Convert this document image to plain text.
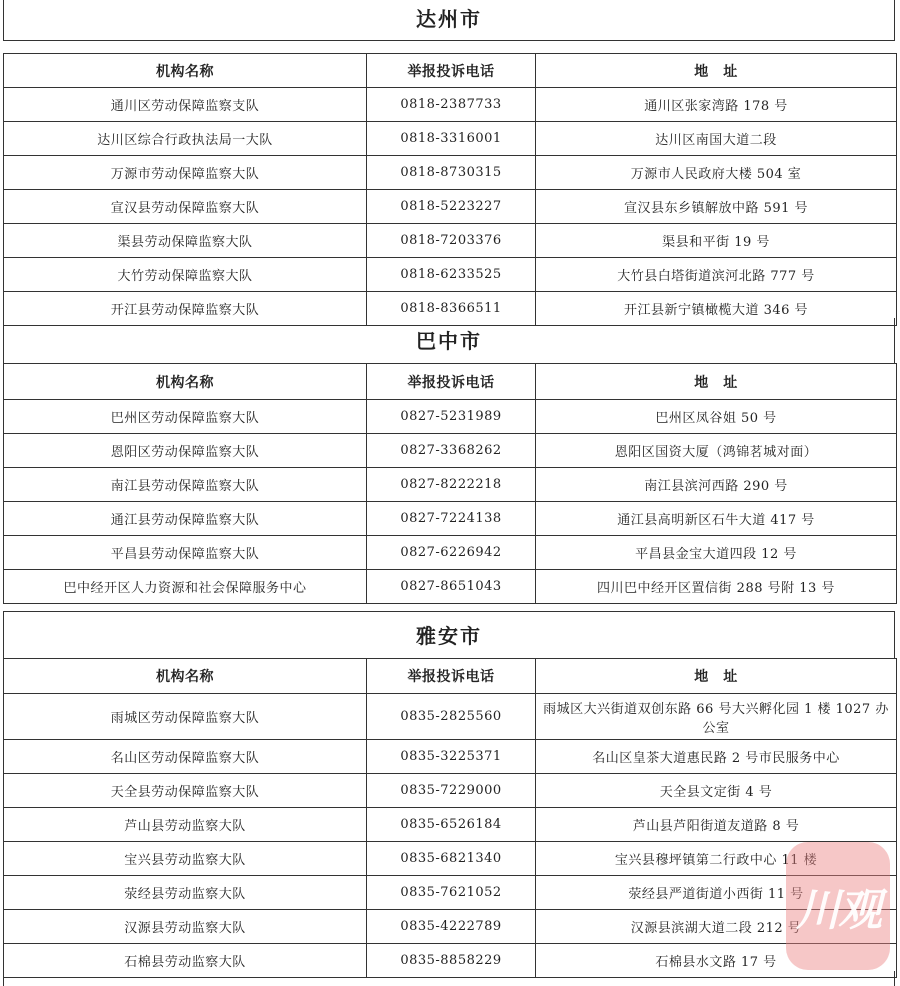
达州市
机构名称	举报投诉电话	地　址
通川区劳动保障监察支队	0818-2387733	通川区张家湾路 178 号
达川区综合行政执法局一大队	0818-3316001	达川区南国大道二段
万源市劳动保障监察大队	0818-8730315	万源市人民政府大楼 504 室
宣汉县劳动保障监察大队	0818-5223227	宣汉县东乡镇解放中路 591 号
渠县劳动保障监察大队	0818-7203376	渠县和平街 19 号
大竹劳动保障监察大队	0818-6233525	大竹县白塔街道滨河北路 777 号
开江县劳动保障监察大队	0818-8366511	开江县新宁镇橄榄大道 346 号
巴中市
机构名称	举报投诉电话	地　址
巴州区劳动保障监察大队	0827-5231989	巴州区凤谷姐 50 号
恩阳区劳动保障监察大队	0827-3368262	恩阳区国资大厦（鸿锦茗城对面）
南江县劳动保障监察大队	0827-8222218	南江县滨河西路 290 号
通江县劳动保障监察大队	0827-7224138	通江县高明新区石牛大道 417 号
平昌县劳动保障监察大队	0827-6226942	平昌县金宝大道四段 12 号
巴中经开区人力资源和社会保障服务中心	0827-8651043	四川巴中经开区置信街 288 号附 13 号
雅安市
机构名称	举报投诉电话	地　址
雨城区劳动保障监察大队	0835-2825560	雨城区大兴街道双创东路 66 号大兴孵化园 1 楼 1027 办公室
名山区劳动保障监察大队	0835-3225371	名山区皇茶大道惠民路 2 号市民服务中心
天全县劳动保障监察大队	0835-7229000	天全县文定街 4 号
芦山县劳动监察大队	0835-6526184	芦山县芦阳街道友道路 8 号
宝兴县劳动监察大队	0835-6821340	宝兴县穆坪镇第二行政中心 11 楼
荥经县劳动监察大队	0835-7621052	荥经县严道街道小西街 11 号
汉源县劳动监察大队	0835-4222789	汉源县滨湖大道二段 212 号
石棉县劳动监察大队	0835-8858229	石棉县水文路 17 号
川观
